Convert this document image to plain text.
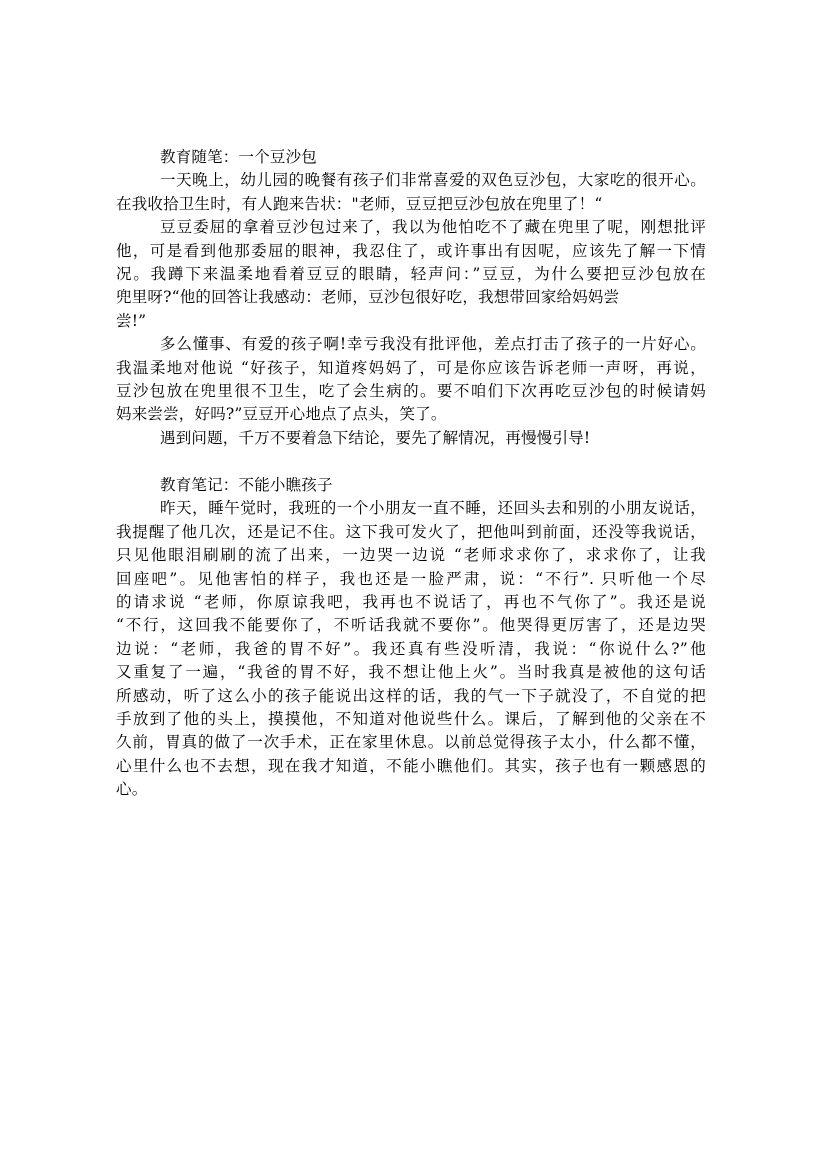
教育随笔：一个豆沙包
一天晚上，幼儿园的晚餐有孩子们非常喜爱的双色豆沙包，大家吃的很开心。
在我收拾卫生时，有人跑来告状："老师，豆豆把豆沙包放在兜里了！“
豆豆委屈的拿着豆沙包过来了，我以为他怕吃不了藏在兜里了呢，刚想批评
他，可是看到他那委屈的眼神，我忍住了，或许事出有因呢，应该先了解一下情
况。我蹲下来温柔地看着豆豆的眼睛，轻声问：”豆豆，为什么要把豆沙包放在
兜里呀?“他的回答让我感动：老师，豆沙包很好吃，我想带回家给妈妈尝
尝!”
多么懂事、有爱的孩子啊!幸亏我没有批评他，差点打击了孩子的一片好心。
我温柔地对他说 “好孩子，知道疼妈妈了，可是你应该告诉老师一声呀，再说，
豆沙包放在兜里很不卫生，吃了会生病的。要不咱们下次再吃豆沙包的时候请妈
妈来尝尝，好吗?”豆豆开心地点了点头，笑了。
遇到问题，千万不要着急下结论，要先了解情况，再慢慢引导!
教育笔记：不能小瞧孩子
昨天，睡午觉时，我班的一个小朋友一直不睡，还回头去和别的小朋友说话，
我提醒了他几次，还是记不住。这下我可发火了，把他叫到前面，还没等我说话，
只见他眼泪刷刷的流了出来，一边哭一边说 “老师求求你了，求求你了，让我
回座吧”。见他害怕的样子，我也还是一脸严肃，说：“不行”. 只听他一个尽
的请求说 “老师，你原谅我吧，我再也不说话了，再也不气你了”。我还是说
“不行，这回我不能要你了，不听话我就不要你”。他哭得更厉害了，还是边哭
边说：“老师，我爸的胃不好”。我还真有些没听清，我说：“你说什么?”他
又重复了一遍，“我爸的胃不好，我不想让他上火”。当时我真是被他的这句话
所感动，听了这么小的孩子能说出这样的话，我的气一下子就没了，不自觉的把
手放到了他的头上，摸摸他，不知道对他说些什么。课后，了解到他的父亲在不
久前，胃真的做了一次手术，正在家里休息。以前总觉得孩子太小，什么都不懂，
心里什么也不去想，现在我才知道，不能小瞧他们。其实，孩子也有一颗感恩的
心。
